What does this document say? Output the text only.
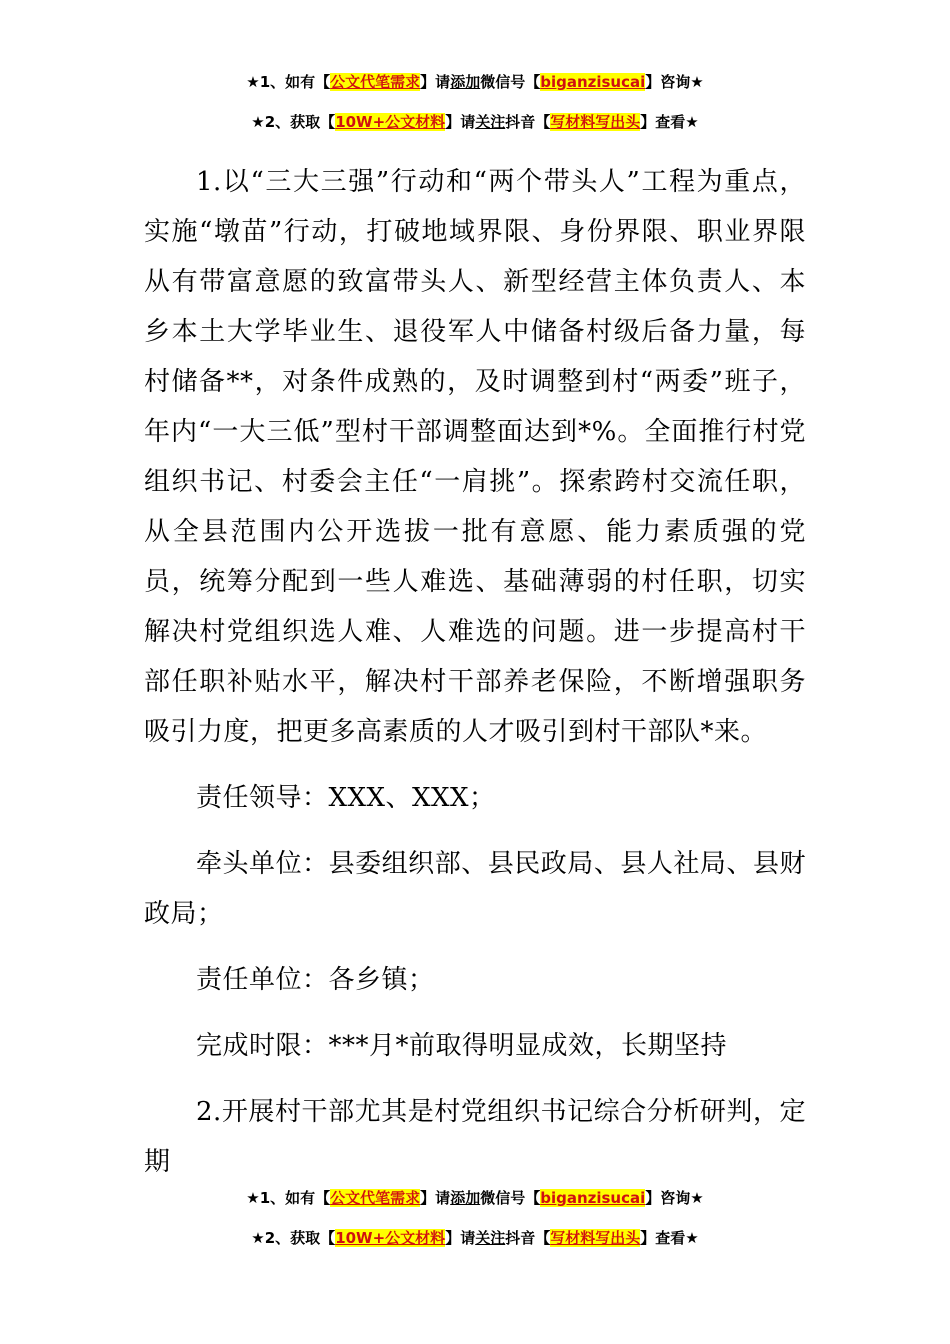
★1、如有【公文代笔需求】请添加微信号【biganzisucai】咨询★
★2、获取【10W+公文材料】请关注抖音【写材料写出头】查看★

1.以“三大三强”行动和“两个带头人”工程为重点，实施“墩苗”行动，打破地域界限、身份界限、职业界限从有带富意愿的致富带头人、新型经营主体负责人、本乡本土大学毕业生、退役军人中储备村级后备力量，每村储备**，对条件成熟的，及时调整到村“两委”班子，年内“一大三低”型村干部调整面达到*%。全面推行村党组织书记、村委会主任“一肩挑”。探索跨村交流任职，从全县范围内公开选拔一批有意愿、能力素质强的党员，统筹分配到一些人难选、基础薄弱的村任职，切实解决村党组织选人难、人难选的问题。进一步提高村干部任职补贴水平，解决村干部养老保险，不断增强职务吸引力度，把更多高素质的人才吸引到村干部队*来。

责任领导：XXX、XXX；

牵头单位：县委组织部、县民政局、县人社局、县财政局；

责任单位：各乡镇；

完成时限：***月*前取得明显成效，长期坚持

2.开展村干部尤其是村党组织书记综合分析研判，定期

★1、如有【公文代笔需求】请添加微信号【biganzisucai】咨询★
★2、获取【10W+公文材料】请关注抖音【写材料写出头】查看★
